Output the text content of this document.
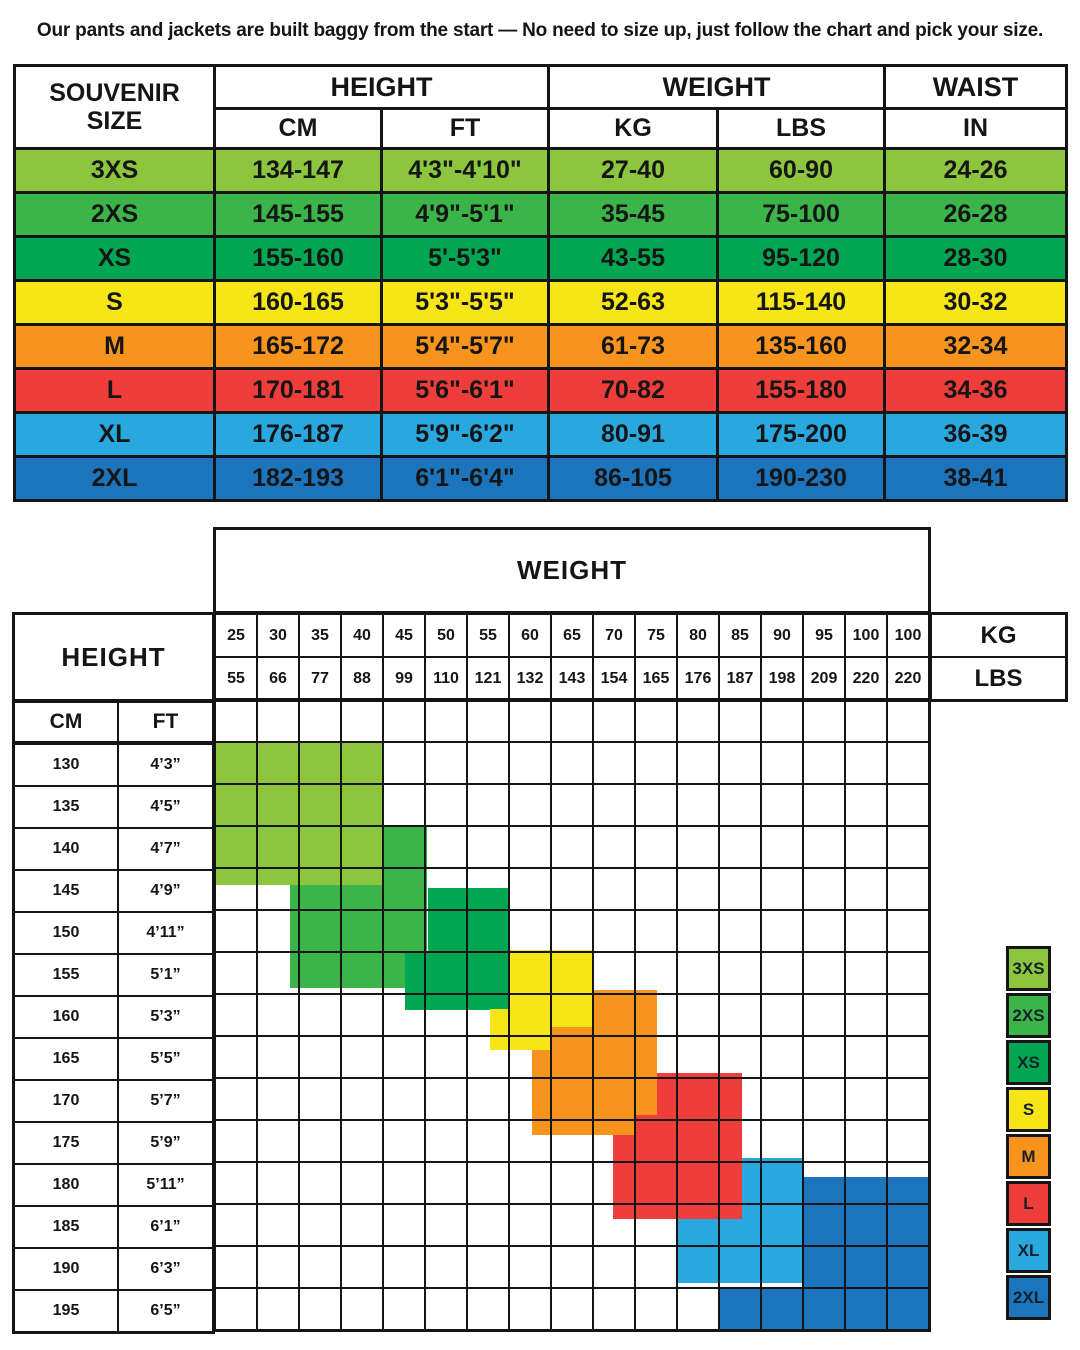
Our pants and jackets are built baggy from the start — No need to size up, just follow the chart and pick your size.
SOUVENIR
SIZE	HEIGHT		WEIGHT		WAIST
	CM	FT	KG	LBS	IN
3XS	134-147	4'3"-4'10"	27-40	60-90	24-26
2XS	145-155	4'9"-5'1"	35-45	75-100	26-28
XS	155-160	5'-5'3"	43-55	95-120	28-30
S	160-165	5'3"-5'5"	52-63	115-140	30-32
M	165-172	5'4"-5'7"	61-73	135-160	32-34
L	170-181	5'6"-6'1"	70-82	155-180	34-36
XL	176-187	5'9"-6'2"	80-91	175-200	36-39
2XL	182-193	6'1"-6'4"	86-105	190-230	38-41
WEIGHT
HEIGHT
25	30	35	40	45	50	55	60	65	70	75	80	85	90	95	100 100
55	66	77	88	99	110 121 132 143 154 165 176 187 198 209 220 220
KG
LBS
CM	FT
130	4’3”
135	4’5”
140	4’7”
145	4’9”
150	4’11”
155	5’1”
160	5’3”
165	5’5”
170	5’7”
175	5’9”
180	5’11”
185	6’1”
190	6’3”
195	6’5”
3XS
2XS
XS
S
M
L
XL
2XL
